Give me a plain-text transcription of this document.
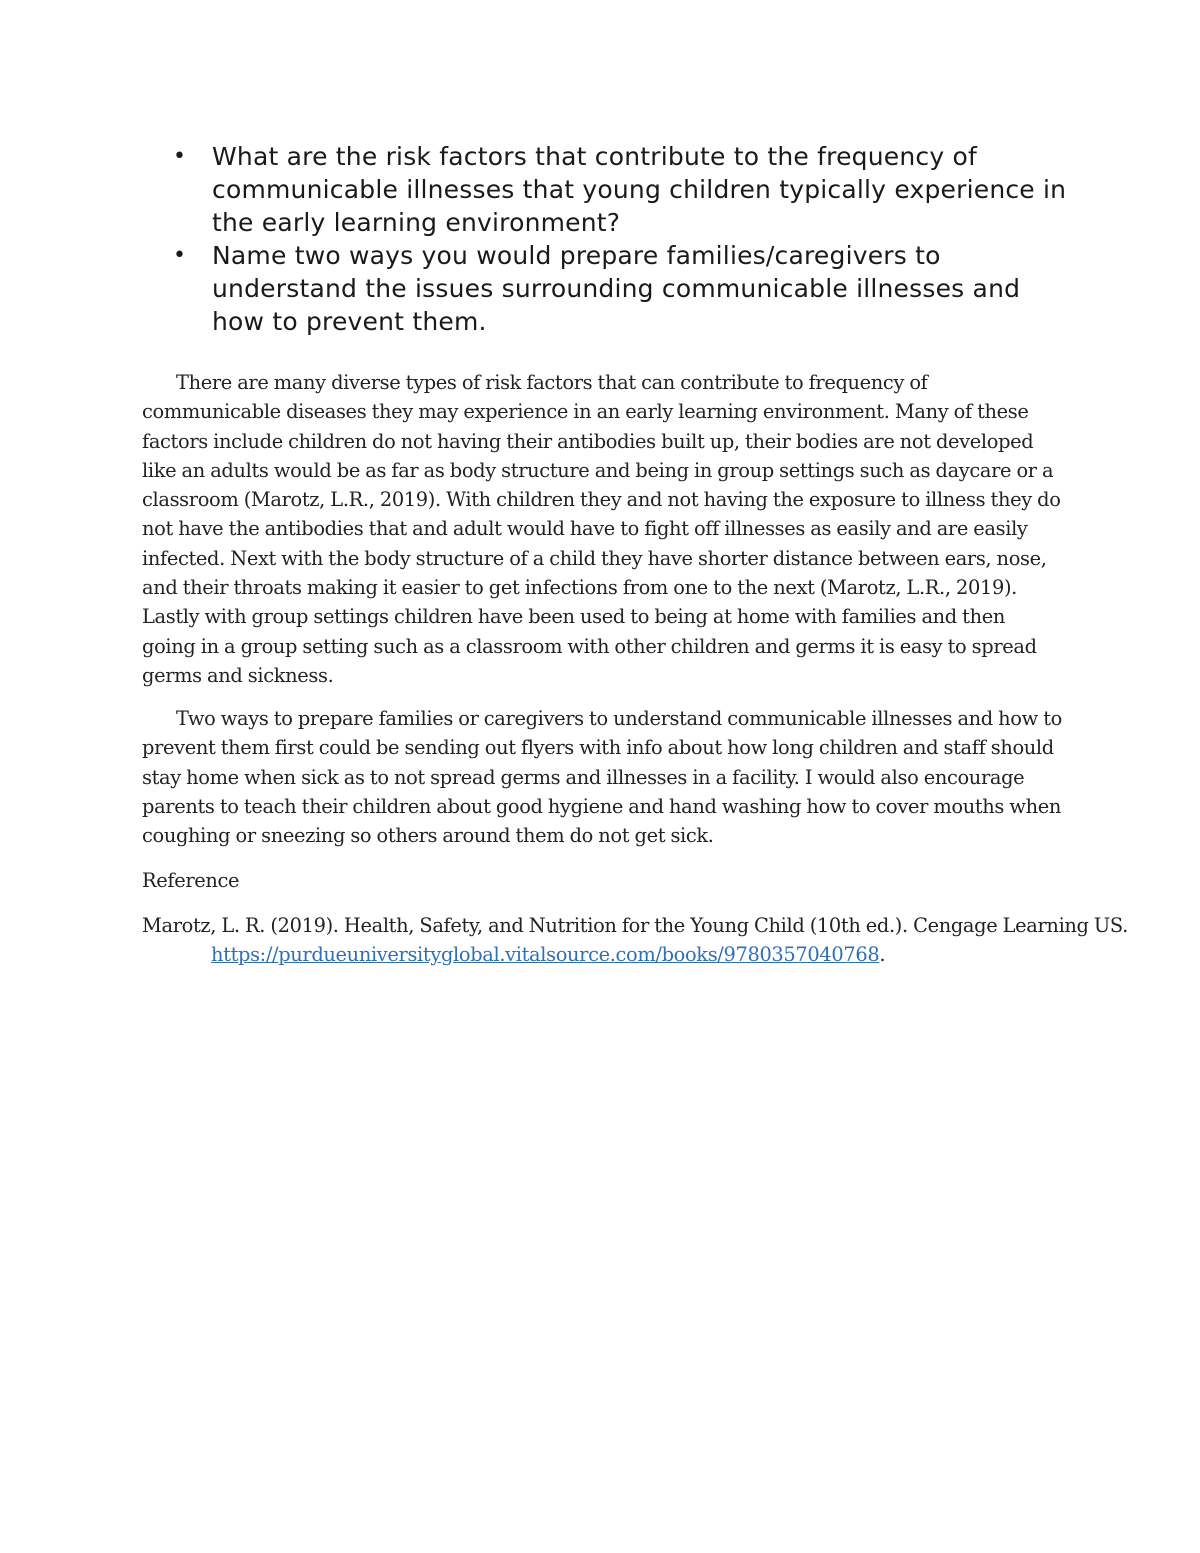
• What are the risk factors that contribute to the frequency of communicable illnesses that young children typically experience in the early learning environment?
• Name two ways you would prepare families/caregivers to understand the issues surrounding communicable illnesses and how to prevent them.

There are many diverse types of risk factors that can contribute to frequency of communicable diseases they may experience in an early learning environment. Many of these factors include children do not having their antibodies built up, their bodies are not developed like an adults would be as far as body structure and being in group settings such as daycare or a classroom (Marotz, L.R., 2019). With children they and not having the exposure to illness they do not have the antibodies that and adult would have to fight off illnesses as easily and are easily infected. Next with the body structure of a child they have shorter distance between ears, nose, and their throats making it easier to get infections from one to the next (Marotz, L.R., 2019). Lastly with group settings children have been used to being at home with families and then going in a group setting such as a classroom with other children and germs it is easy to spread germs and sickness.

Two ways to prepare families or caregivers to understand communicable illnesses and how to prevent them first could be sending out flyers with info about how long children and staff should stay home when sick as to not spread germs and illnesses in a facility. I would also encourage parents to teach their children about good hygiene and hand washing how to cover mouths when coughing or sneezing so others around them do not get sick.

Reference

Marotz, L. R. (2019). Health, Safety, and Nutrition for the Young Child (10th ed.). Cengage Learning US. https://purdueuniversityglobal.vitalsource.com/books/9780357040768.
